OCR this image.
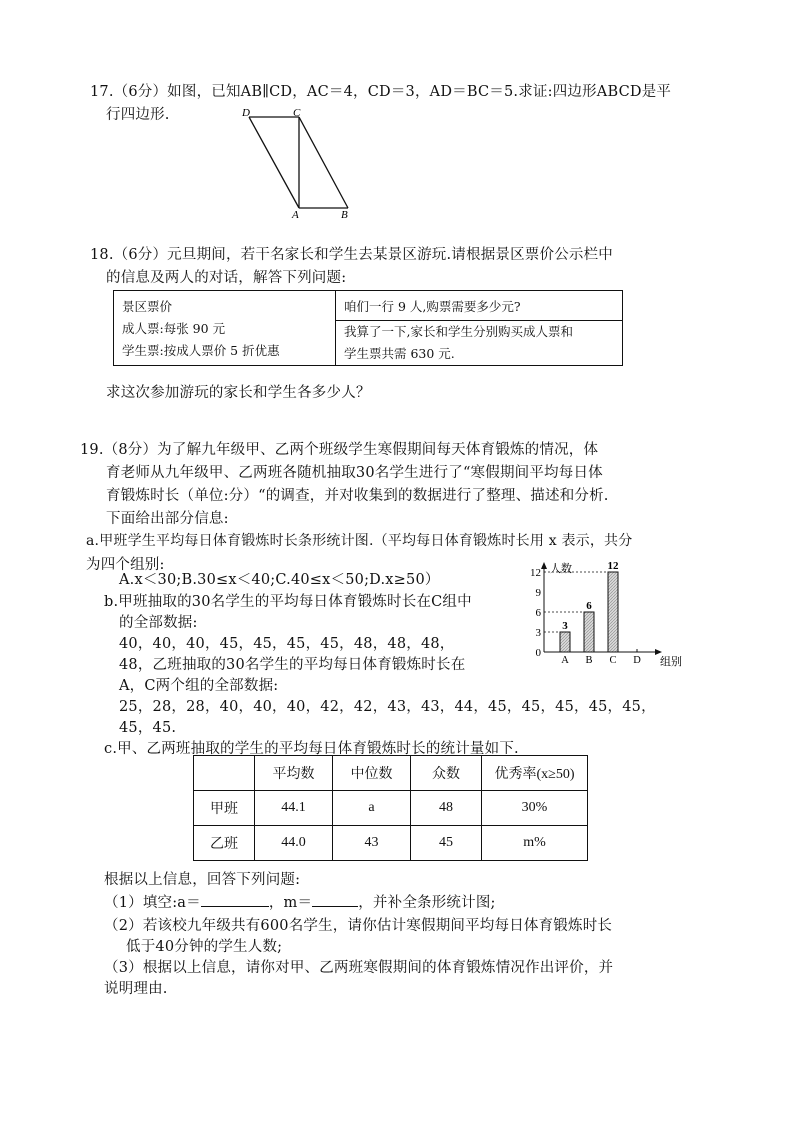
17.（6分）如图，已知AB∥CD，AC＝4，CD＝3，AD＝BC＝5.求证:四边形ABCD是平
行四边形.	D	C
A	B
18.（6分）元旦期间，若干名家长和学生去某景区游玩.请根据景区票价公示栏中
的信息及两人的对话，解答下列问题:
景区票价
成人票:每张 90 元
学生票:按成人票价 5 折优惠
	咱们一行 9 人,购票需要多少元?

我算了一下,家长和学生分别购买成人票和
学生票共需 630 元.
求这次参加游玩的家长和学生各多少人？
19.（8分）为了解九年级甲、乙两个班级学生寒假期间每天体育锻炼的情况，体
育老师从九年级甲、乙两班各随机抽取30名学生进行了“寒假期间平均每日体
育锻炼时长（单位:分）“的调查，并对收集到的数据进行了整理、描述和分析.
下面给出部分信息:
a.甲班学生平均每日体育锻炼时长条形统计图.（平均每日体育锻炼时长用 x 表示，共分
为四个组别:
A.x＜30;B.30≤x＜40;C.40≤x＜50;D.x≥50）
b.甲班抽取的30名学生的平均每日体育锻炼时长在C组中
的全部数据:
40，40，40，45，45，45，45，48，48，48，
48，乙班抽取的30名学生的平均每日体育锻炼时长在
A，C两个组的全部数据:
25，28，28，40，40，40，42，42，43，43，44，45，45，45，45，45，
45，45.
人数
组别
12
9
6
3
0
3
A
6
B
12
C D
c.甲、乙两班抽取的学生的平均每日体育锻炼时长的统计量如下.
	平均数	中位数	众数	优秀率(x≥50)
甲班	44.1	a	48	30%
乙班	44.0	43	45	m%
根据以上信息，回答下列问题:
（1）填空:a＝	，m＝	，并补全条形统计图;
（2）若该校九年级共有600名学生，请你估计寒假期间平均每日体育锻炼时长
低于40分钟的学生人数;
（3）根据以上信息，请你对甲、乙两班寒假期间的体育锻炼情况作出评价，并
说明理由.
